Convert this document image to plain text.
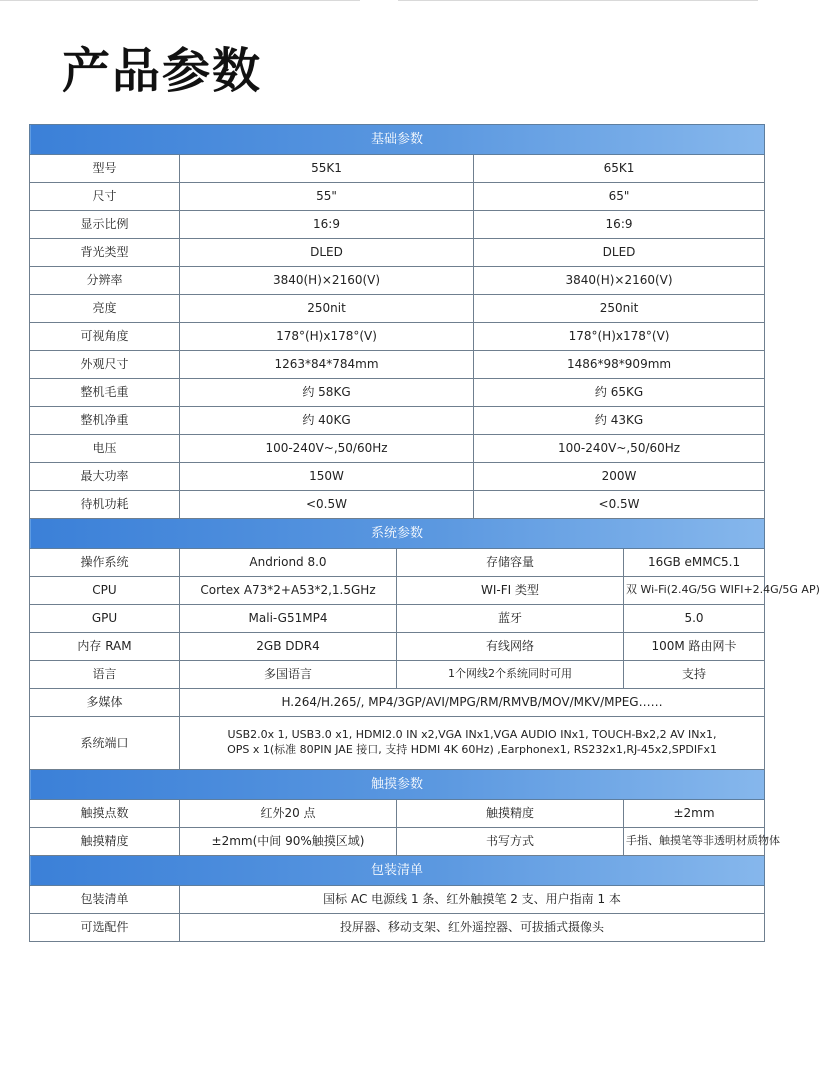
产品参数
基础参数				
型号	55K1		65K1	
尺寸	55"		65"	
显示比例	16:9		16:9	
背光类型	DLED		DLED	
分辨率	3840(H)×2160(V)		3840(H)×2160(V)	
亮度	250nit		250nit	
可视角度	178°(H)x178°(V)		178°(H)x178°(V)	
外观尺寸	1263*84*784mm		1486*98*909mm	
整机毛重	约 58KG		约 65KG	
整机净重	约 40KG		约 43KG	
电压	100-240V~,50/60Hz		100-240V~,50/60Hz	
最大功率	150W		200W	
待机功耗	<0.5W		<0.5W	
系统参数				
操作系统	Andriond 8.0	存储容量		16GB eMMC5.1
CPU	Cortex A73*2+A53*2,1.5GHz	WI-FI 类型		双 Wi-Fi(2.4G/5G WIFI+2.4G/5G AP)
GPU	Mali-G51MP4	蓝牙		5.0
内存 RAM	2GB DDR4	有线网络		100M 路由网卡
语言	多国语言	1个网线2个系统同时可用		支持
多媒体	H.264/H.265/, MP4/3GP/AVI/MPG/RM/RMVB/MOV/MKV/MPEG……			
系统端口	USB2.0x 1, USB3.0 x1, HDMI2.0 IN x2,VGA INx1,VGA AUDIO INx1, TOUCH-Bx2,2 AV INx1,
OPS x 1(标准 80PIN JAE 接口, 支持 HDMI 4K 60Hz) ,Earphonex1, RS232x1,RJ-45x2,SPDIFx1			

触摸参数				
触摸点数	红外20 点	触摸精度		±2mm
触摸精度	±2mm(中间 90%触摸区域)	书写方式		手指、触摸笔等非透明材质物体
包装清单				
包装清单	国标 AC 电源线 1 条、红外触摸笔 2 支、用户指南 1 本			
可选配件	投屏器、移动支架、红外遥控器、可拔插式摄像头			
